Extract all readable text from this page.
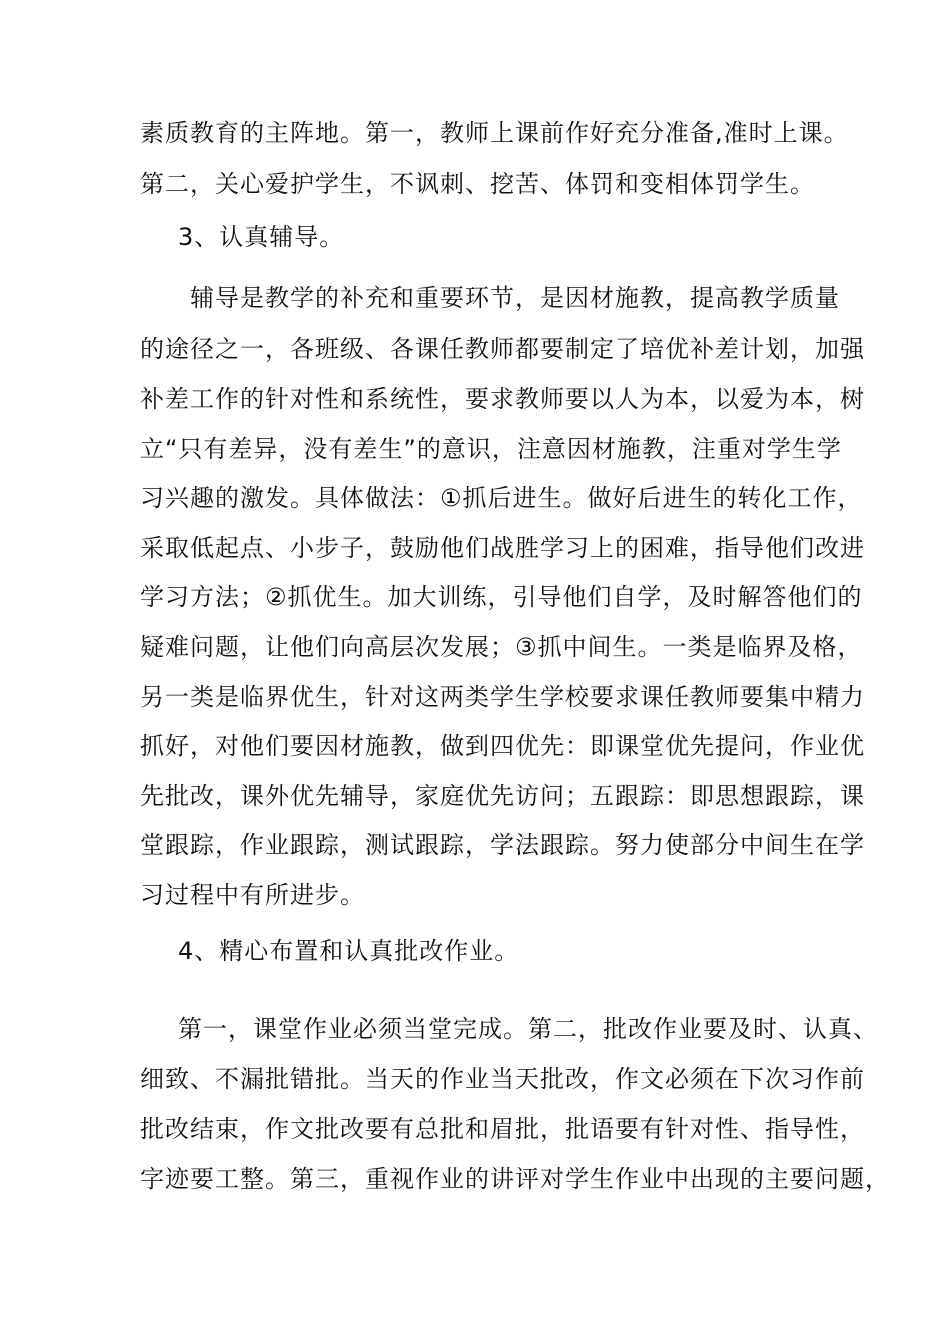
素质教育的主阵地。第一，教师上课前作好充分准备,准时上课。
第二，关心爱护学生，不讽刺、挖苦、体罚和变相体罚学生。
3、认真辅导。
辅导是教学的补充和重要环节，是因材施教，提高教学质量
的途径之一，各班级、各课任教师都要制定了培优补差计划，加强
补差工作的针对性和系统性，要求教师要以人为本，以爱为本，树
立“只有差异，没有差生”的意识，注意因材施教，注重对学生学
习兴趣的激发。具体做法：①抓后进生。做好后进生的转化工作，
采取低起点、小步子，鼓励他们战胜学习上的困难，指导他们改进
学习方法；②抓优生。加大训练，引导他们自学，及时解答他们的
疑难问题，让他们向高层次发展；③抓中间生。一类是临界及格，
另一类是临界优生，针对这两类学生学校要求课任教师要集中精力
抓好，对他们要因材施教，做到四优先：即课堂优先提问，作业优
先批改，课外优先辅导，家庭优先访问；五跟踪：即思想跟踪，课
堂跟踪，作业跟踪，测试跟踪，学法跟踪。努力使部分中间生在学
习过程中有所进步。
4、精心布置和认真批改作业。
第一，课堂作业必须当堂完成。第二，批改作业要及时、认真、
细致、不漏批错批。当天的作业当天批改，作文必须在下次习作前
批改结束，作文批改要有总批和眉批，批语要有针对性、指导性，
字迹要工整。第三，重视作业的讲评对学生作业中出现的主要问题，
